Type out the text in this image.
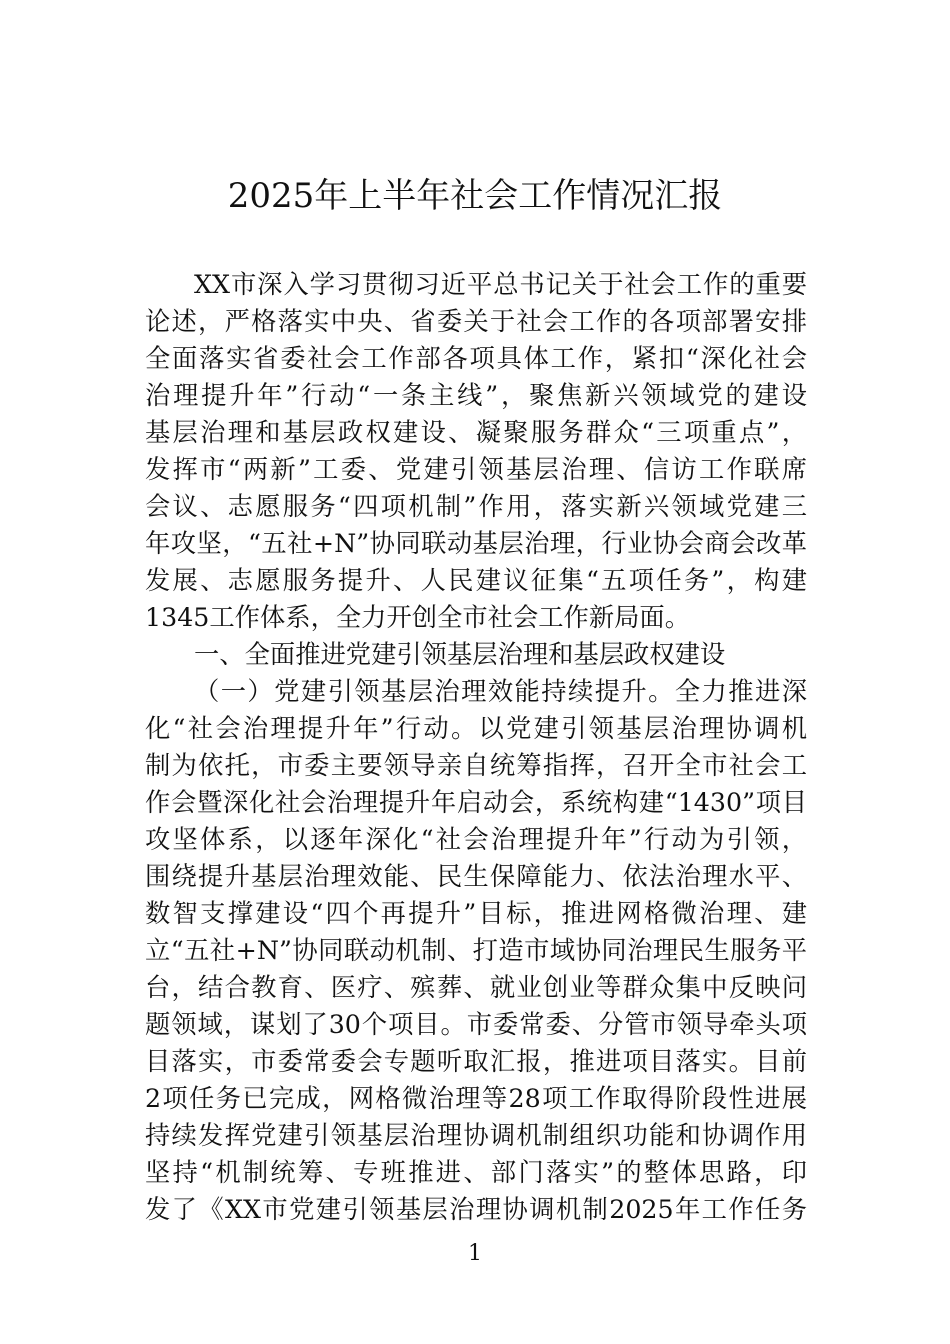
2025年上半年社会工作情况汇报
XX市深入学习贯彻习近平总书记关于社会工作的重要
论述，严格落实中央、省委关于社会工作的各项部署安排
全面落实省委社会工作部各项具体工作，紧扣“深化社会
治理提升年”行动“一条主线”，聚焦新兴领域党的建设
基层治理和基层政权建设、凝聚服务群众“三项重点”，
发挥市“两新”工委、党建引领基层治理、信访工作联席
会议、志愿服务“四项机制”作用，落实新兴领域党建三
年攻坚，“五社+N”协同联动基层治理，行业协会商会改革
发展、志愿服务提升、人民建议征集“五项任务”，构建
1345工作体系，全力开创全市社会工作新局面。
一、全面推进党建引领基层治理和基层政权建设
（一）党建引领基层治理效能持续提升。全力推进深
化“社会治理提升年”行动。以党建引领基层治理协调机
制为依托，市委主要领导亲自统筹指挥，召开全市社会工
作会暨深化社会治理提升年启动会，系统构建“1430”项目
攻坚体系，以逐年深化“社会治理提升年”行动为引领，
围绕提升基层治理效能、民生保障能力、依法治理水平、
数智支撑建设“四个再提升”目标，推进网格微治理、建
立“五社+N”协同联动机制、打造市域协同治理民生服务平
台，结合教育、医疗、殡葬、就业创业等群众集中反映问
题领域，谋划了30个项目。市委常委、分管市领导牵头项
目落实，市委常委会专题听取汇报，推进项目落实。目前
2项任务已完成，网格微治理等28项工作取得阶段性进展
持续发挥党建引领基层治理协调机制组织功能和协调作用
坚持“机制统筹、专班推进、部门落实”的整体思路，印
发了《XX市党建引领基层治理协调机制2025年工作任务
1
